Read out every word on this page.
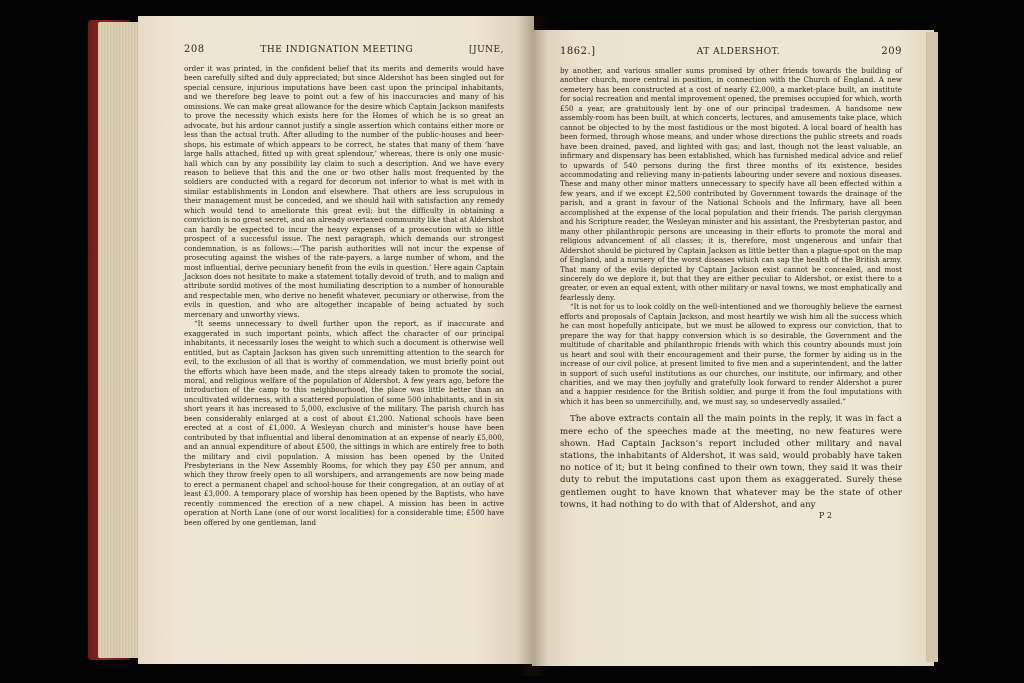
208	THE INDIGNATION MEETING	[JUNE,

order it was printed, in the confident belief that its merits and demerits would have been carefully sifted and duly appreciated; but since Aldershot has been singled out for special censure, injurious imputations have been cast upon the principal inhabitants, and we therefore beg leave to point out a few of his inaccuracies and many of his omissions. We can make great allowance for the desire which Captain Jackson manifests to prove the necessity which exists here for the Homes of which he is so great an advocate, but his ardour cannot justify a single assertion which contains either more or less than the actual truth. After alluding to the number of the public-houses and beer-shops, his estimate of which appears to be correct, he states that many of them ‘have large halls attached, fitted up with great splendour,’ whereas, there is only one music-hall which can by any possibility lay claim to such a description. And we have every reason to believe that this and the one or two other halls most frequented by the soldiers are conducted with a regard for decorum not inferior to what is met with in similar establishments in London and elsewhere. That others are less scrupulous in their management must be conceded, and we should hail with satisfaction any remedy which would tend to ameliorate this great evil; but the difficulty in obtaining a conviction is no great secret, and an already overtaxed community like that at Aldershot can hardly be expected to incur the heavy expenses of a prosecution with so little prospect of a successful issue. The next paragraph, which demands our strongest condemnation, is as follows:—‘The parish authorities will not incur the expense of prosecuting against the wishes of the rate-payers, a large number of whom, and the most influential, derive pecuniary benefit from the evils in question.’ Here again Captain Jackson does not hesitate to make a statement totally devoid of truth, and to malign and attribute sordid motives of the most humiliating description to a number of honourable and respectable men, who derive no benefit whatever, pecuniary or otherwise, from the evils in question, and who are altogether incapable of being actuated by such mercenary and unworthy views.

“It seems unnecessary to dwell further upon the report, as if inaccurate and exaggerated in such important points, which affect the character of our principal inhabitants, it necessarily loses the weight to which such a document is otherwise well entitled, but as Captain Jackson has given such unremitting attention to the search for evil, to the exclusion of all that is worthy of commendation, we must briefly point out the efforts which have been made, and the steps already taken to promote the social, moral, and religious welfare of the population of Aldershot. A few years ago, before the introduction of the camp to this neighbourhood, the place was little better than an uncultivated wilderness, with a scattered population of some 500 inhabitants, and in six short years it has increased to 5,000, exclusive of the military. The parish church has been considerably enlarged at a cost of about £1,200. National schools have been erected at a cost of £1,000. A Wesleyan church and minister’s house have been contributed by that influential and liberal denomination at an expense of nearly £5,000, and an annual expenditure of about £500, the sittings in which are entirely free to both the military and civil population. A mission has been opened by the United Presbyterians in the New Assembly Rooms, for which they pay £50 per annum, and which they throw freely open to all worshipers, and arrangements are now being made to erect a permanent chapel and school-house for their congregation, at an outlay of at least £3,000. A temporary place of worship has been opened by the Baptists, who have recently commenced the erection of a new chapel. A mission has been in active operation at North Lane (one of our worst localities) for a considerable time; £500 have been offered by one gentleman, land

1862.]	AT ALDERSHOT.	209

by another, and various smaller sums promised by other friends towards the building of another church, more central in position, in connection with the Church of England. A new cemetery has been constructed at a cost of nearly £2,000, a market-place built, an institute for social recreation and mental improvement opened, the premises occupied for which, worth £50 a year, are gratuitously lent by one of our principal tradesmen. A handsome new assembly-room has been built, at which concerts, lectures, and amusements take place, which cannot be objected to by the most fastidious or the most bigoted. A local board of health has been formed, through whose means, and under whose directions the public streets and roads have been drained, paved, and lighted with gas; and last, though not the least valuable, an infirmary and dispensary has been established, which has furnished medical advice and relief to upwards of 540 persons during the first three months of its existence, besides accommodating and relieving many in-patients labouring under severe and noxious diseases. These and many other minor matters unnecessary to specify have all been effected within a few years, and if we except £2,500 contributed by Government towards the drainage of the parish, and a grant in favour of the National Schools and the Infirmary, have all been accomplished at the expense of the local population and their friends. The parish clergyman and his Scripture reader, the Wesleyan minister and his assistant, the Presbyterian pastor, and many other philanthropic persons are unceasing in their efforts to promote the moral and religious advancement of all classes; it is, therefore, most ungenerous and unfair that Aldershot should be pictured by Captain Jackson as little better than a plague-spot on the map of England, and a nursery of the worst diseases which can sap the health of the British army. That many of the evils depicted by Captain Jackson exist cannot be concealed, and most sincerely do we deplore it, but that they are either peculiar to Aldershot, or exist there to a greater, or even an equal extent, with other military or naval towns, we most emphatically and fearlessly deny.

“It is not for us to look coldly on the well-intentioned and we thoroughly believe the earnest efforts and proposals of Captain Jackson, and most heartily we wish him all the success which he can most hopefully anticipate, but we must be allowed to express our conviction, that to prepare the way for that happy conversion which is so desirable, the Government and the multitude of charitable and philanthropic friends with which this country abounds must join us heart and soul with their encouragement and their purse, the former by aiding us in the increase of our civil police, at present limited to five men and a superintendent, and the latter in support of such useful institutions as our churches, our institute, our infirmary, and other charities, and we may then joyfully and gratefully look forward to render Aldershot a purer and a happier residence for the British soldier, and purge it from the foul imputations with which it has been so unmercifully, and, we must say, so undeservedly assailed.”

The above extracts contain all the main points in the reply, it was in fact a mere echo of the speeches made at the meeting, no new features were shown. Had Captain Jackson’s report included other military and naval stations, the inhabitants of Aldershot, it was said, would probably have taken no notice of it; but it being confined to their own town, they said it was their duty to rebut the imputations cast upon them as exaggerated. Surely these gentlemen ought to have known that whatever may be the state of other towns, it had nothing to do with that of Aldershot, and any

P 2
